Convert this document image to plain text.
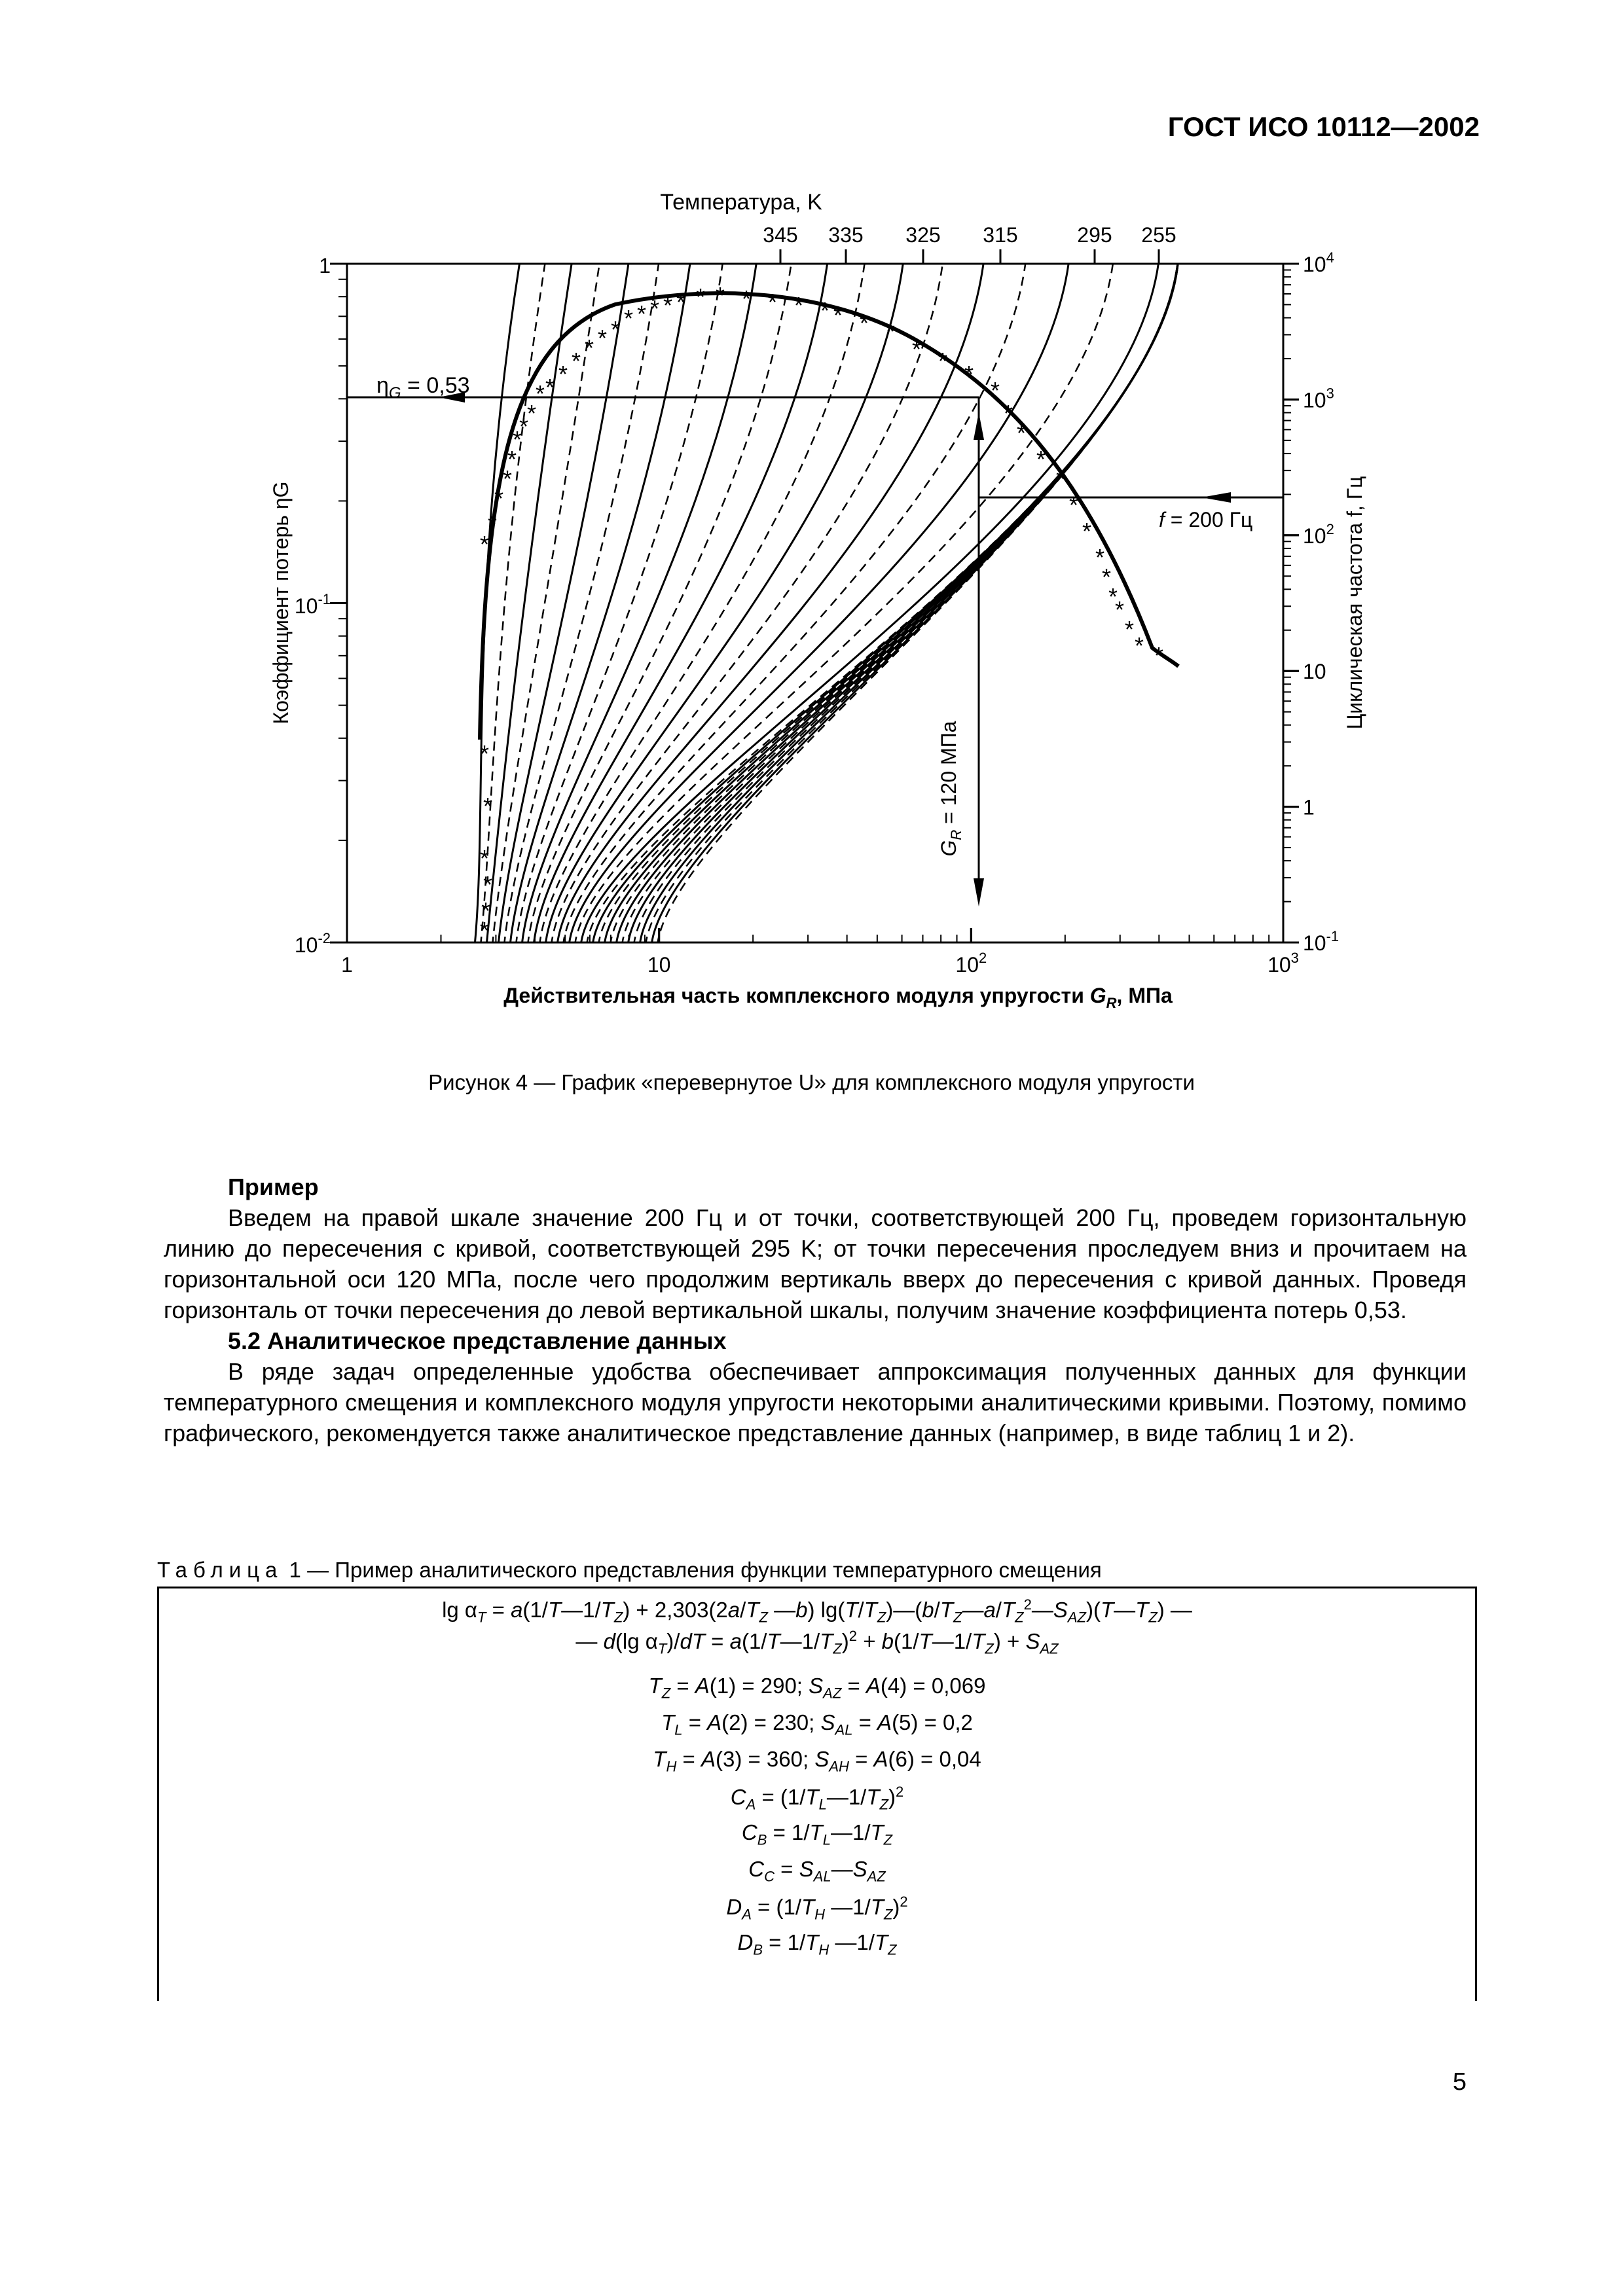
ГОСТ ИСО 10112—2002
*
*
*
*
*
*
*
*
* * * * * * * * * * * * * * * * * * * * *
* * *
*
*
*
*
*
*
*
*
*
*
*
*
* *
*
*
*
*
*
*
Температура, K
345 335 325 315	295 255
1
$10^{-1}$
$10^{-2}$
Коэффициент потерь ηG
$10^4$
$10^3$
$10^2$
10
1
$10^{-1}$
Циклическая частота f, Гц
1	10	$10^2$	$10^3$
Действительная часть комплексного модуля упругости $G_R$, МПа
$\eta_G = 0,53$
f = 200 Гц
$G_R = 120$ МПа
Рисунок 4 — График «перевернутое U» для комплексного модуля упругости

Пример

Введем на правой шкале значение 200 Гц и от точки, соответствующей 200 Гц, проведем горизонтальную линию до пересечения с кривой, соответствующей 295 K; от точки пересечения проследуем вниз и прочитаем на горизонтальной оси 120 МПа, после чего продолжим вертикаль вверх до пересечения с кривой данных. Проведя горизонталь от точки пересечения до левой вертикальной шкалы, получим значение коэффициента потерь 0,53.

5.2 Аналитическое представление данных

В ряде задач определенные удобства обеспечивает аппроксимация полученных данных для функции температурного смещения и комплексного модуля упругости некоторыми аналитическими кривыми. Поэтому, помимо графического, рекомендуется также аналитическое представление данных (например, в виде таблиц 1 и 2).

Таблица 1 — Пример аналитического представления функции температурного смещения
$\lg \alpha_T$ = $a(1/T—1/T_Z) + 2,303(2a/T_Z$ —b) $\lg(T/T_Z)—(b/T_Z—a/T_Z^2—S_{AZ})(T—T_Z)$ —
— d(lg $\alpha_T)/dT$ = $a(1/T—1/T_Z)^2$ + $b(1/T—1/T_Z) + S_{AZ}$
$T_Z = A(1) = 290$; $S_{AZ} = A(4) = 0,069$
$T_L = A(2) = 230$; $S_{AL} = A(5) = 0,2$
$T_H = A(3) = 360$; $S_{AH} = A(6) = 0,04$
$C_A$ = $(1/T_L—1/T_Z)^2$
$C_B$ = $1/T_L—1/T_Z$
$C_C$ = $S_{AL}—S_{AZ}$
$D_A = (1/T_H$ $—1/T_Z)^2$
$D_B = 1/T_H$ $—1/T_Z$
5
